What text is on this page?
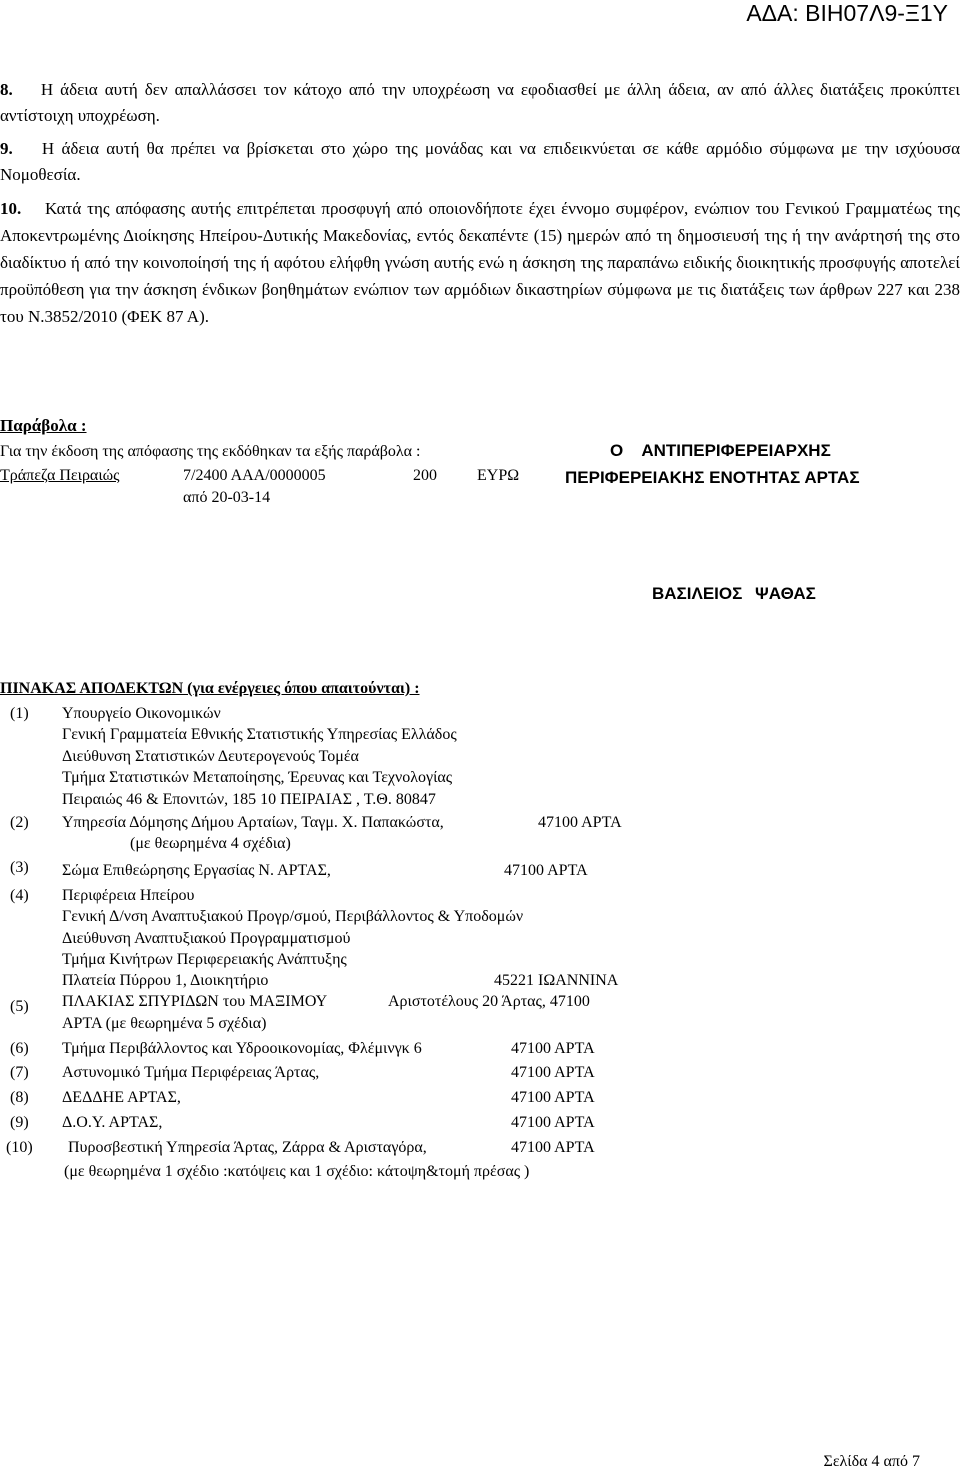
ΑΔΑ: ΒΙΗ07Λ9-Ξ1Υ
8. Η άδεια αυτή δεν απαλλάσσει τον κάτοχο από την υποχρέωση να εφοδιασθεί με άλλη άδεια, αν από άλλες διατάξεις προκύπτει αντίστοιχη υποχρέωση.
9. Η άδεια αυτή θα πρέπει να βρίσκεται στο χώρο της μονάδας και να επιδεικνύεται σε κάθε αρμόδιο σύμφωνα με την ισχύουσα Νομοθεσία.
10. Κατά της απόφασης αυτής επιτρέπεται προσφυγή από οποιονδήποτε έχει έννομο συμφέρον, ενώπιον του Γενικού Γραμματέως της Αποκεντρωμένης Διοίκησης Ηπείρου-Δυτικής Μακεδονίας, εντός δεκαπέντε (15) ημερών από τη δημοσιευσή της ή την ανάρτησή της στο διαδίκτυο ή από την κοινοποίησή της ή αφότου ελήφθη γνώση αυτής ενώ η άσκηση της παραπάνω ειδικής διοικητικής προσφυγής αποτελεί προϋπόθεση για την άσκηση ένδικων βοηθημάτων ενώπιον των αρμόδιων δικαστηρίων σύμφωνα με τις διατάξεις των άρθρων 227 και 238 του Ν.3852/2010 (ΦΕΚ 87 Α).
Παράβολα :
Για την έκδοση της απόφασης της εκδόθηκαν τα εξής παράβολα :
Τράπεζα Πειραιώς	7/2400 ΑΑΑ/0000005	200	ΕΥΡΩ
από 20-03-14
Ο ΑΝΤΙΠΕΡΙΦΕΡΕΙΑΡΧΗΣ
ΠΕΡΙΦΕΡΕΙΑΚΗΣ ΕΝΟΤΗΤΑΣ ΑΡΤΑΣ
ΒΑΣΙΛΕΙΟΣ ΨΑΘΑΣ
ΠΙΝΑΚΑΣ ΑΠΟΔΕΚΤΩΝ (για ενέργειες όπου απαιτούνται) :
(1) Υπουργείο Οικονομικών
Γενική Γραμματεία Εθνικής Στατιστικής Υπηρεσίας Ελλάδος
Διεύθυνση Στατιστικών Δευτερογενούς Τομέα
Τμήμα Στατιστικών Μεταποίησης, Έρευνας και Τεχνολογίας
Πειραιώς 46 & Επονιτών, 185 10 ΠΕΙΡΑΙΑΣ , Τ.Θ. 80847
(2) Υπηρεσία Δόμησης Δήμου Αρταίων, Ταγμ. Χ. Παπακώστα,	47100 ΑΡΤΑ
(με θεωρημένα 4 σχέδια)
(3) Σώμα Επιθεώρησης Εργασίας Ν. ΑΡΤΑΣ,	47100 ΑΡΤΑ
(4) Περιφέρεια Ηπείρου
Γενική Δ/νση Αναπτυξιακού Προγρ/σμού, Περιβάλλοντος & Υποδομών
Διεύθυνση Αναπτυξιακού Προγραμματισμού
Τμήμα Κινήτρων Περιφερειακής Ανάπτυξης
Πλατεία Πύρρου 1, Διοικητήριο	45221 ΙΩΑΝΝΙΝΑ
(5) ΠΛΑΚΙΑΣ ΣΠΥΡΙΔΩΝ του ΜΑΞΙΜΟΥ	Αριστοτέλους 20 Άρτας, 47100
ΑΡΤΑ (με θεωρημένα 5 σχέδια)
(6) Τμήμα Περιβάλλοντος και Υδροοικονομίας, Φλέμινγκ 6	47100 ΑΡΤΑ
(7) Αστυνομικό Τμήμα Περιφέρειας Άρτας,	47100 ΑΡΤΑ
(8) ΔΕΔΔΗΕ ΑΡΤΑΣ,	47100 ΑΡΤΑ
(9) Δ.Ο.Υ. ΑΡΤΑΣ,	47100 ΑΡΤΑ
(10) Πυροσβεστική Υπηρεσία Άρτας, Ζάρρα & Αρισταγόρα,	47100 ΑΡΤΑ
(με θεωρημένα 1 σχέδιο :κατόψεις και 1 σχέδιο: κάτοψη&τομή πρέσας )
Σελίδα 4 από 7
